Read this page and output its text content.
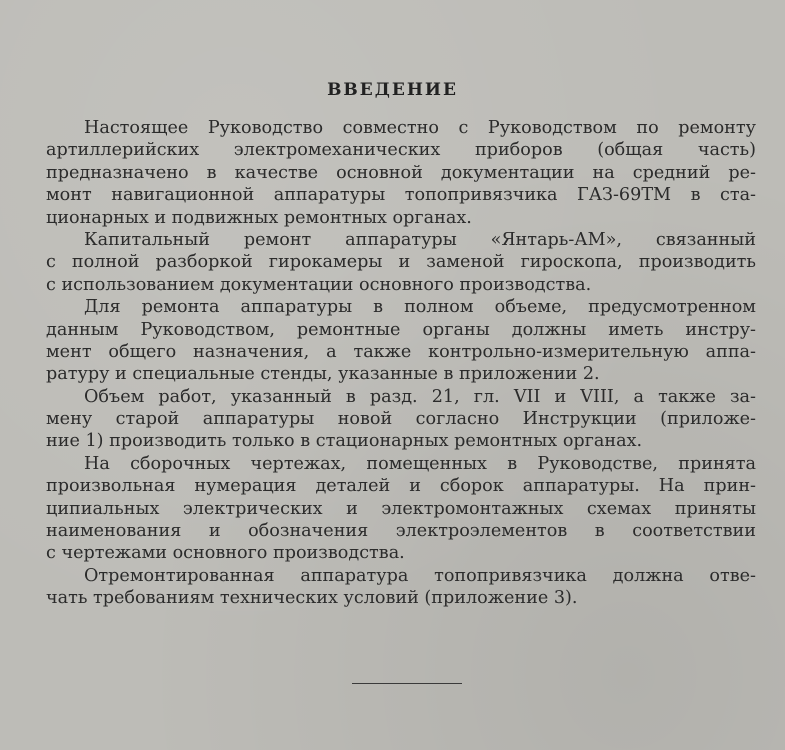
ВВЕДЕНИЕ
Настоящее Руководство совместно с Руководством по ремонту
артиллерийских электромеханических приборов (общая часть)
предназначено в качестве основной документации на средний ре-
монт навигационной аппаратуры топопривязчика ГАЗ-69ТМ в ста-
ционарных и подвижных ремонтных органах.
Капитальный ремонт аппаратуры «Янтарь-АМ», связанный
с полной разборкой гирокамеры и заменой гироскопа, производить
с использованием документации основного производства.
Для ремонта аппаратуры в полном объеме, предусмотренном
данным Руководством, ремонтные органы должны иметь инстру-
мент общего назначения, а также контрольно-измерительную аппа-
ратуру и специальные стенды, указанные в приложении 2.
Объем работ, указанный в разд. 21, гл. VII и VIII, а также за-
мену старой аппаратуры новой согласно Инструкции (приложе-
ние 1) производить только в стационарных ремонтных органах.
На сборочных чертежах, помещенных в Руководстве, принята
произвольная нумерация деталей и сборок аппаратуры. На прин-
ципиальных электрических и электромонтажных схемах приняты
наименования и обозначения электроэлементов в соответствии
с чертежами основного производства.
Отремонтированная аппаратура топопривязчика должна отве-
чать требованиям технических условий (приложение 3).
